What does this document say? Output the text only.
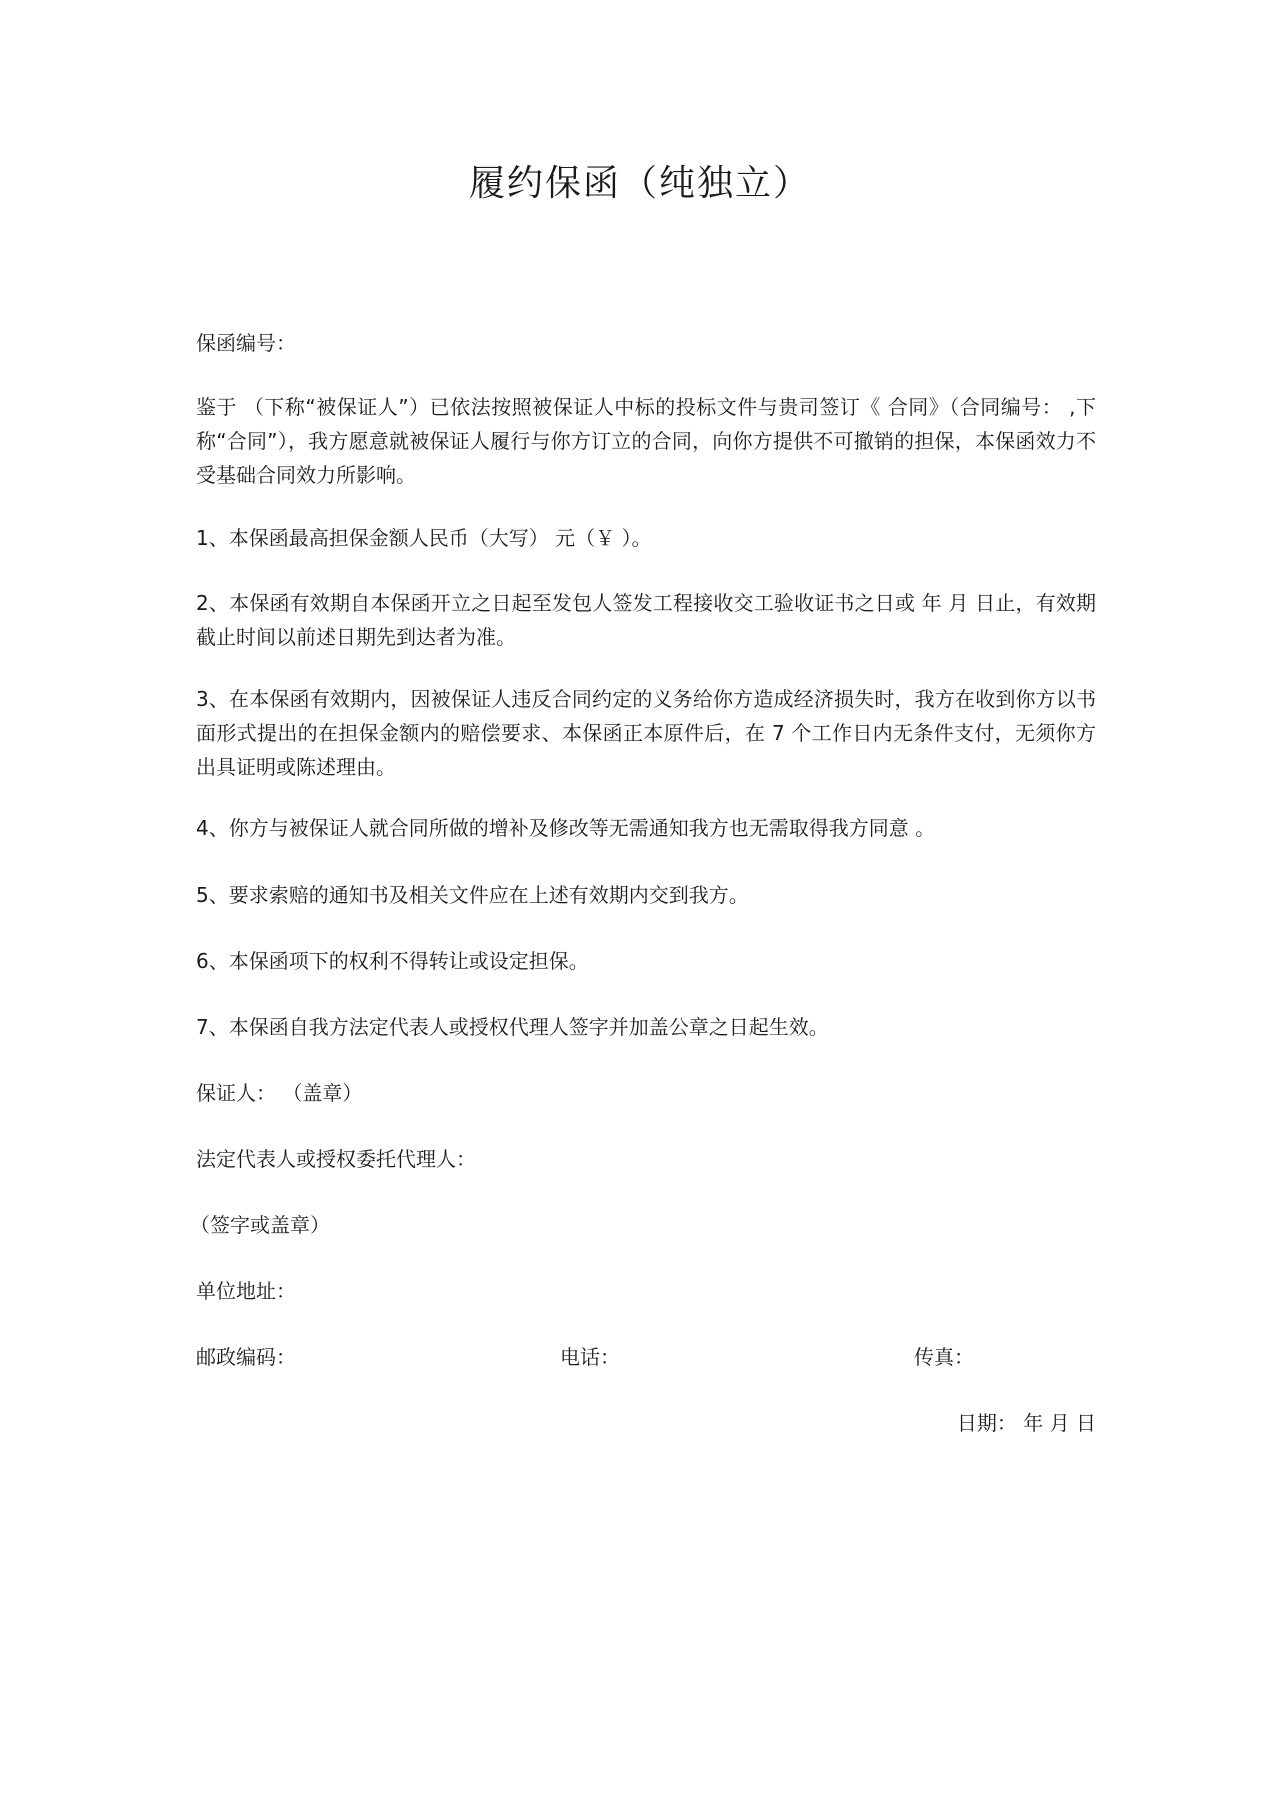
履约保函（纯独立）

保函编号：

鉴于 （下称“被保证人”）已依法按照被保证人中标的投标文件与贵司签订《 合同》（合同编号： ,下称“合同”），我方愿意就被保证人履行与你方订立的合同，向你方提供不可撤销的担保，本保函效力不受基础合同效力所影响。

1、本保函最高担保金额人民币（大写） 元（￥ ）。

2、本保函有效期自本保函开立之日起至发包人签发工程接收交工验收证书之日或 年 月 日止，有效期截止时间以前述日期先到达者为准。

3、在本保函有效期内，因被保证人违反合同约定的义务给你方造成经济损失时，我方在收到你方以书面形式提出的在担保金额内的赔偿要求、本保函正本原件后，在 7 个工作日内无条件支付，无须你方出具证明或陈述理由。

4、你方与被保证人就合同所做的增补及修改等无需通知我方也无需取得我方同意 。

5、要求索赔的通知书及相关文件应在上述有效期内交到我方。

6、本保函项下的权利不得转让或设定担保。

7、本保函自我方法定代表人或授权代理人签字并加盖公章之日起生效。

保证人： （盖章）

法定代表人或授权委托代理人：

（签字或盖章）

单位地址：

邮政编码：	电话：	传真：
日期： 年 月 日
